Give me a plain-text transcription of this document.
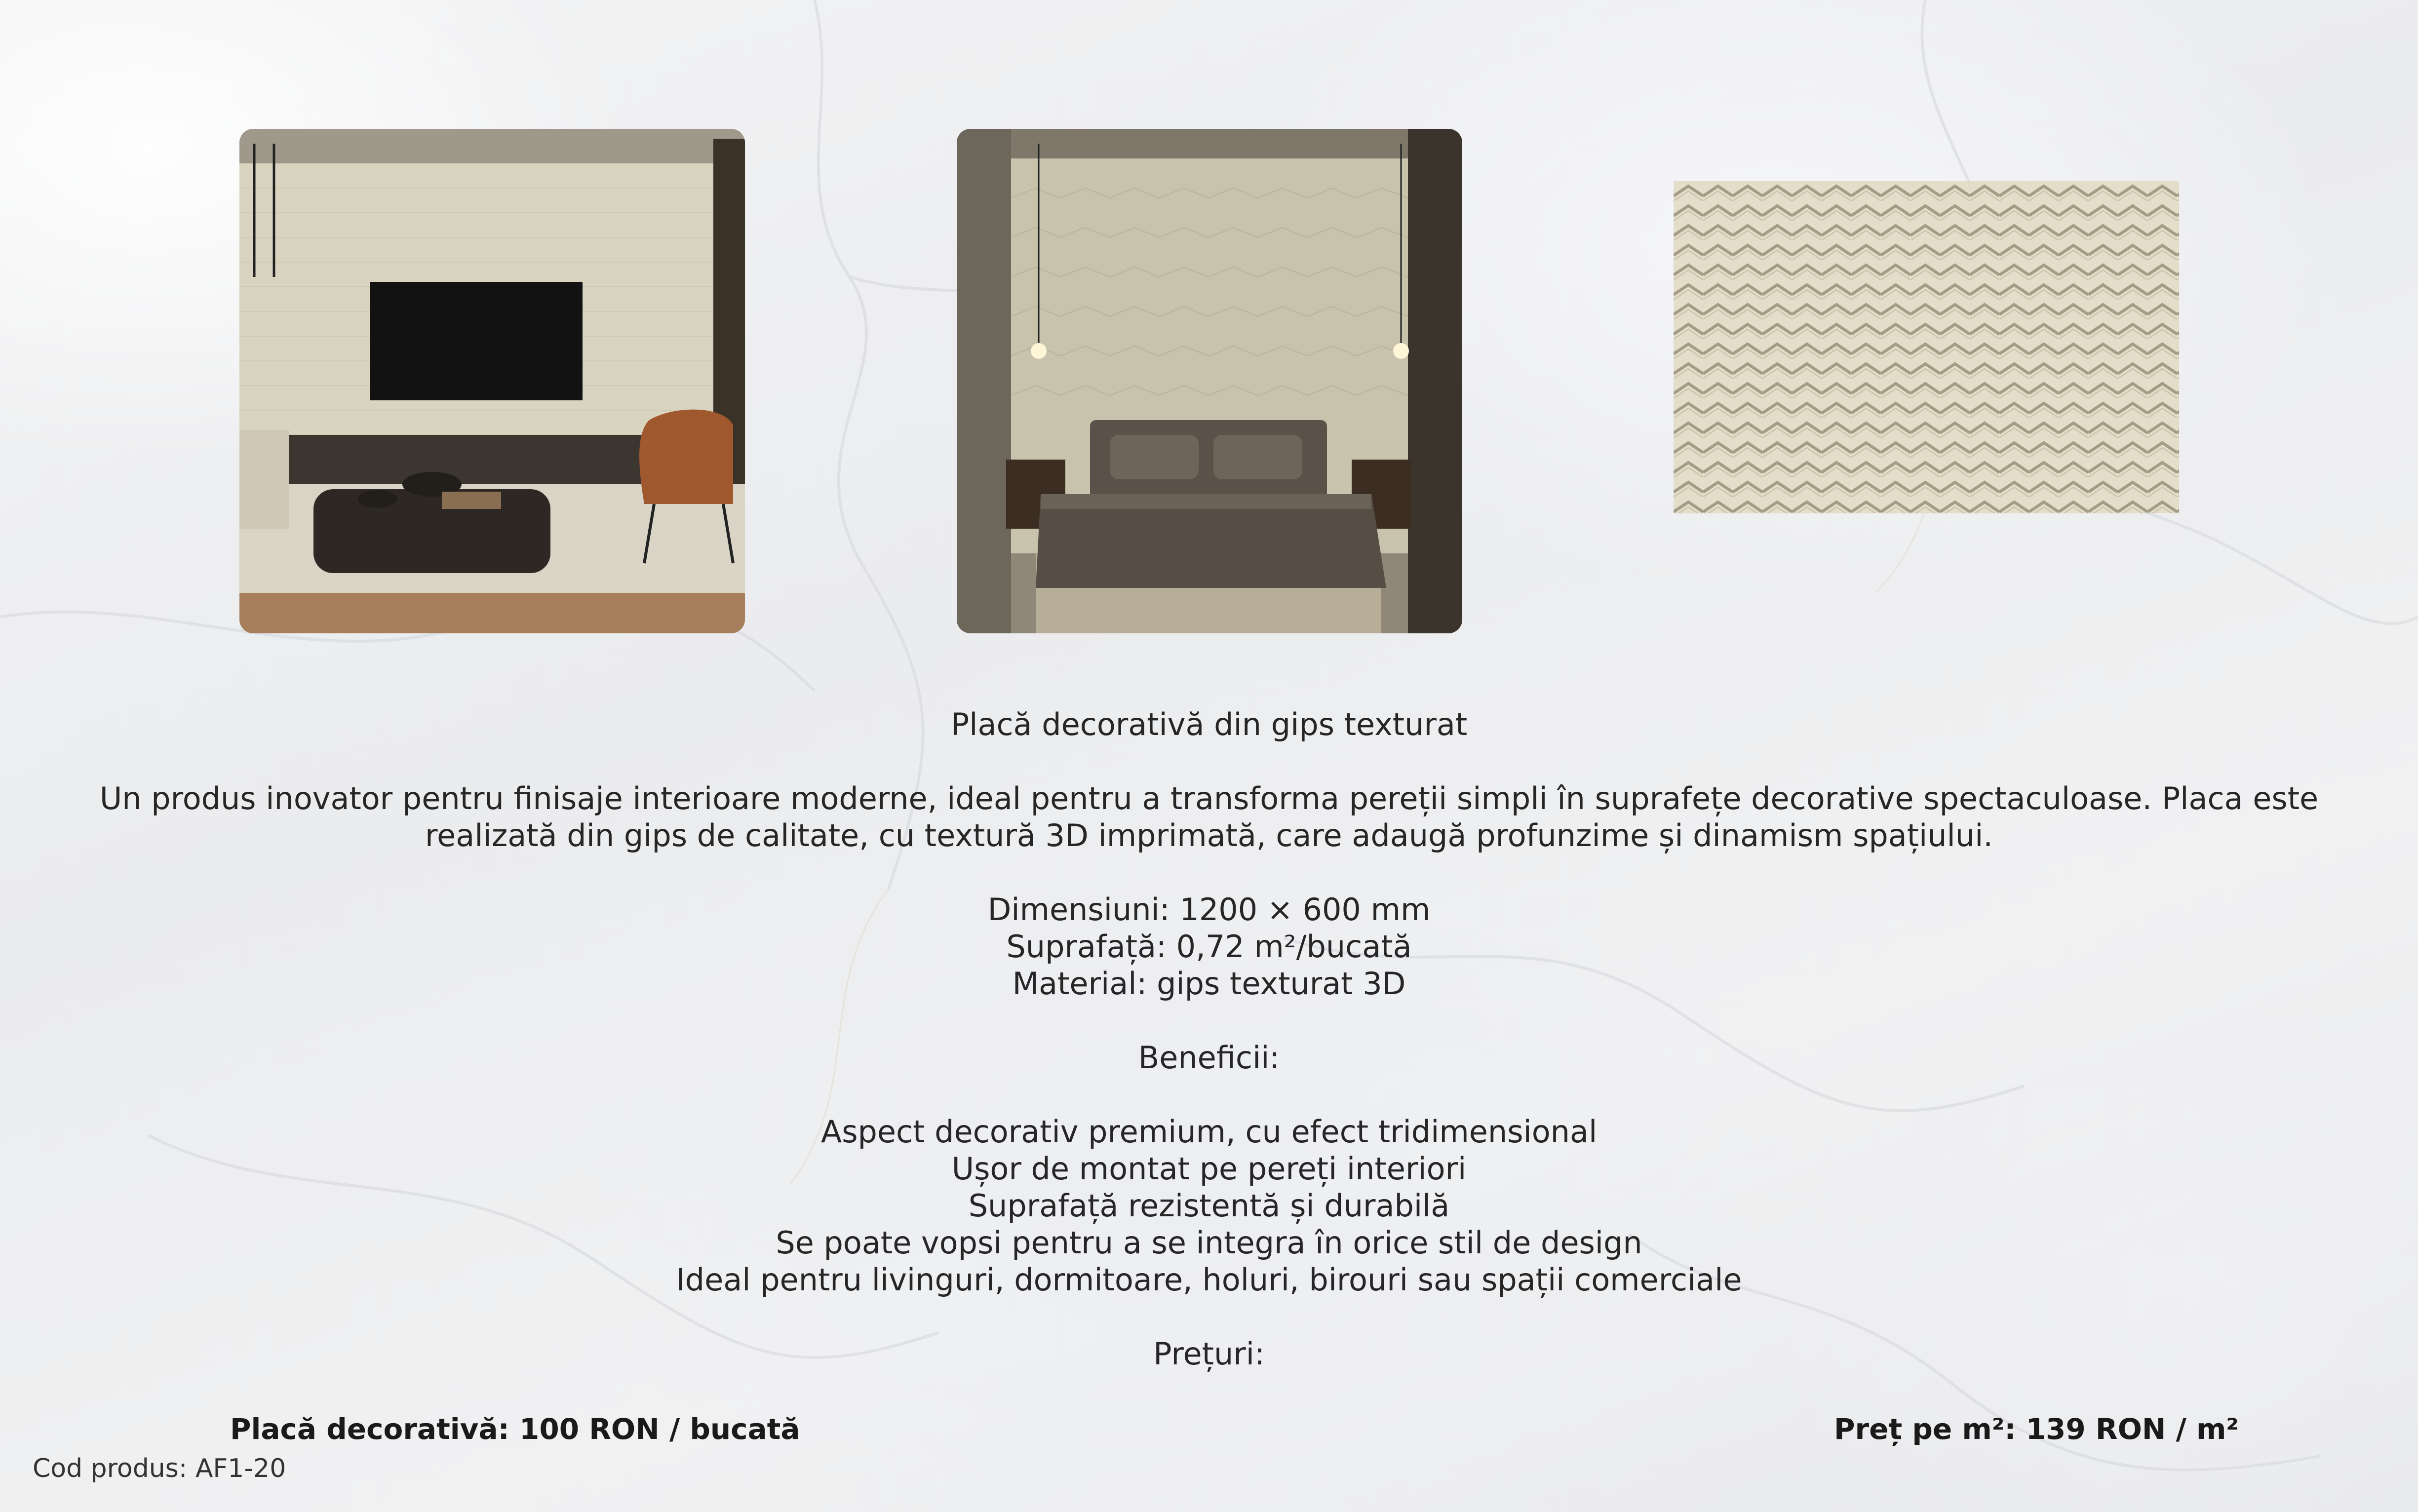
Placă decorativă din gips texturat

Un produs inovator pentru finisaje interioare moderne, ideal pentru a transforma pereții simpli în suprafețe decorative spectaculoase. Placa este realizată din gips de calitate, cu textură 3D imprimată, care adaugă profunzime și dinamism spațiului.

Dimensiuni: 1200 × 600 mm

Suprafață: 0,72 m²/bucată

Material: gips texturat 3D

Beneficii:

Aspect decorativ premium, cu efect tridimensional

Ușor de montat pe pereți interiori

Suprafață rezistentă și durabilă

Se poate vopsi pentru a se integra în orice stil de design

Ideal pentru livinguri, dormitoare, holuri, birouri sau spații comerciale

Prețuri:

Placă decorativă: 100 RON / bucată	Preț pe m²: 139 RON / m²
Cod produs: AF1-20
